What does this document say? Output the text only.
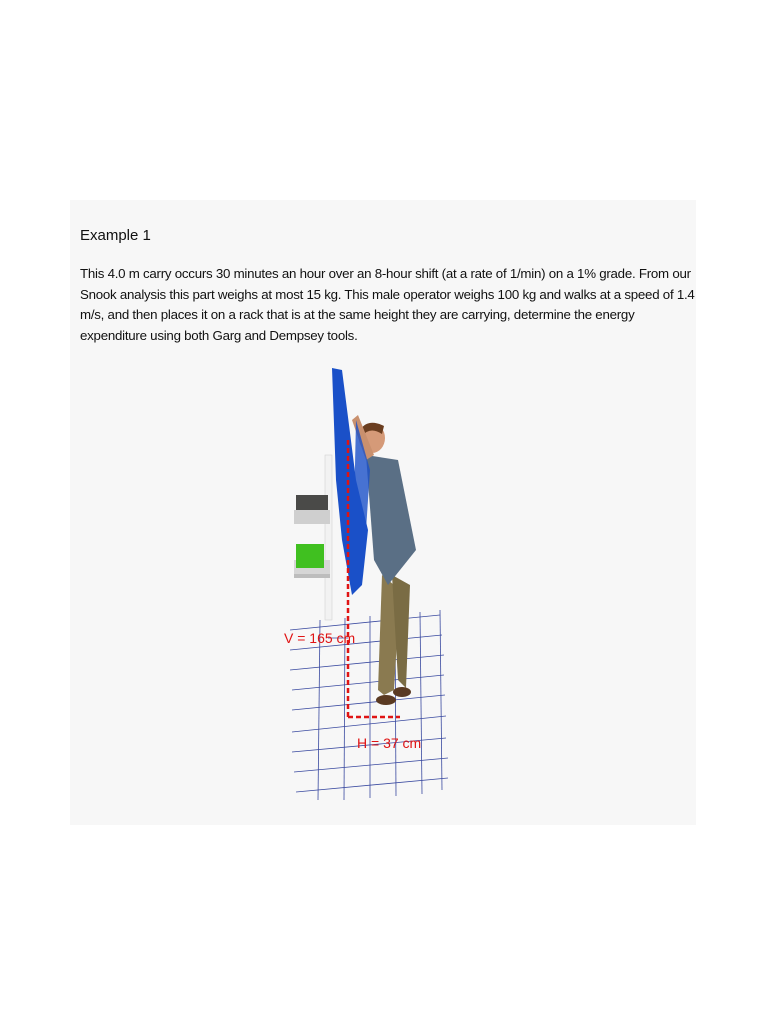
Example 1
This 4.0 m carry occurs 30 minutes an hour over an 8-hour shift (at a rate of 1/min) on a 1% grade. From our Snook analysis this part weighs at most 15 kg. This male operator weighs 100 kg and walks at a speed of 1.4 m/s, and then places it on a rack that is at the same height they are carrying, determine the energy expenditure using both Garg and Dempsey tools.
V = 165 cm
H = 37 cm
